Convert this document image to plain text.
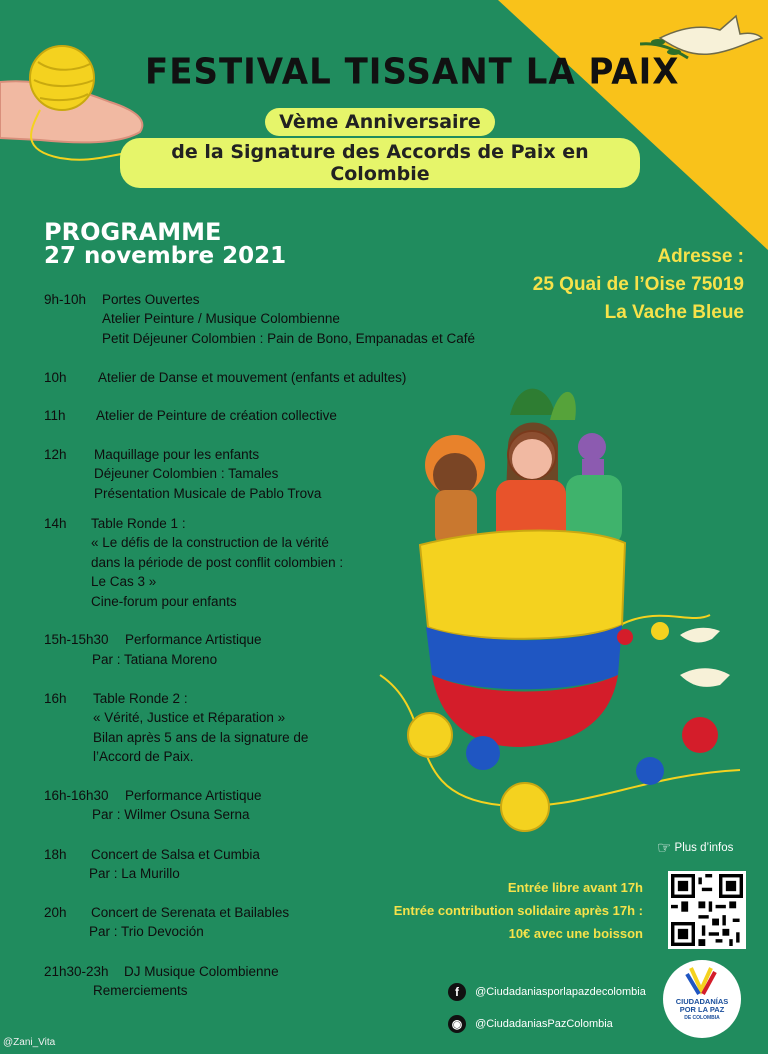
FESTIVAL TISSANT LA PAIX
Vème Anniversaire
de la Signature des Accords de Paix en Colombie
PROGRAMME
27 novembre 2021	Adresse :
25 Quai de l’Oise 75019
La Vache Bleue
9h-10h Portes Ouvertes
Atelier Peinture / Musique Colombienne
Petit Déjeuner Colombien : Pain de Bono, Empanadas et Café
10h Atelier de Danse et mouvement (enfants et adultes)
11h Atelier de Peinture de création collective
12h Maquillage pour les enfants
Déjeuner Colombien : Tamales
Présentation Musicale de Pablo Trova
14h Table Ronde 1 :
« Le défis de la construction de la vérité
dans la période de post conflit colombien :
Le Cas 3 »
Cine-forum pour enfants
15h-15h30 Performance Artistique
Par : Tatiana Moreno
16h Table Ronde 2 :
« Vérité, Justice et Réparation »
Bilan après 5 ans de la signature de
l’Accord de Paix.
16h-16h30 Performance Artistique
Par : Wilmer Osuna Serna
18h Concert de Salsa et Cumbia
Par : La Murillo
20h Concert de Serenata et Bailables
Par : Trio Devoción
21h30-23h DJ Musique Colombienne
Remerciements
☞ Plus d’infos
Entrée libre avant 17h
Entrée contribution solidaire après 17h :
10€ avec une boisson
f @Ciudadaniasporlapazdecolombia
◉ @CiudadaniasPazColombia
CIUDADANÍAS
POR LA PAZ
DE COLOMBIA
@Zani_Vita
